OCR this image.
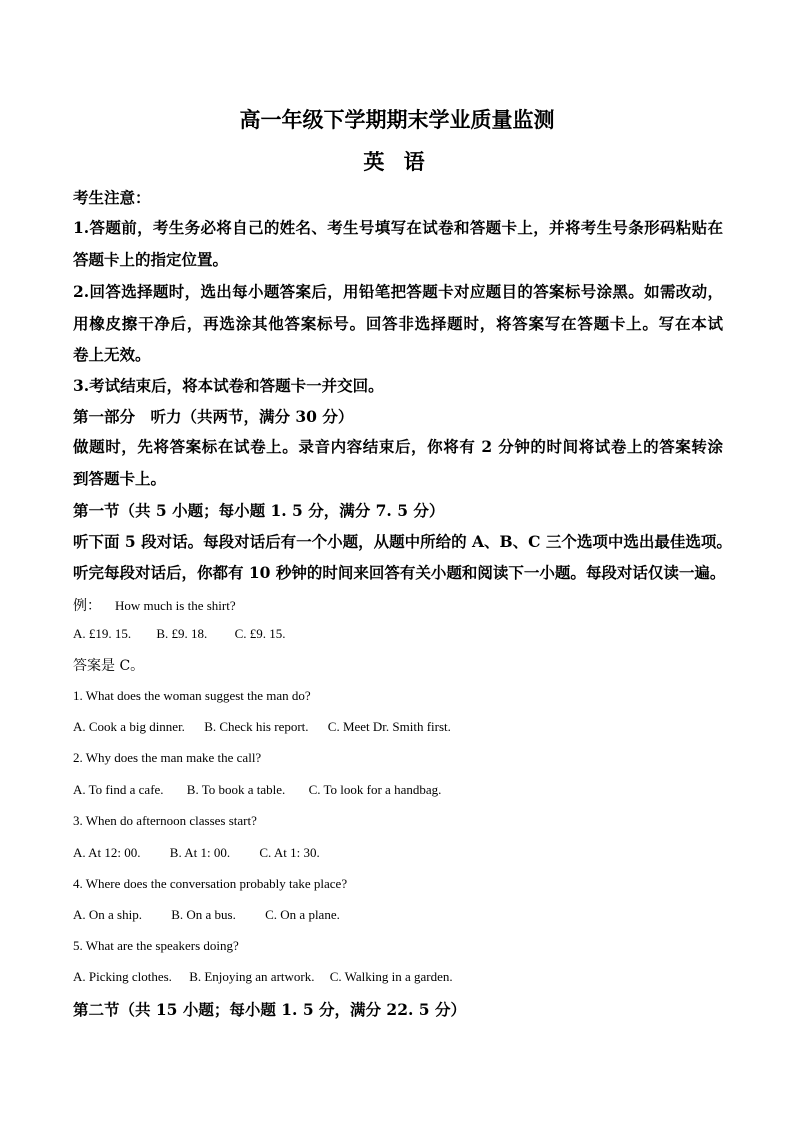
高一年级下学期期末学业质量监测
英 语
考生注意：
1.答题前，考生务必将自己的姓名、考生号填写在试卷和答题卡上，并将考生号条形码粘贴在
答题卡上的指定位置。
2.回答选择题时，选出每小题答案后，用铅笔把答题卡对应题目的答案标号涂黑。如需改动，
用橡皮擦干净后，再选涂其他答案标号。回答非选择题时，将答案写在答题卡上。写在本试
卷上无效。
3.考试结束后，将本试卷和答题卡一并交回。
第一部分　听力（共两节，满分 30 分）
做题时，先将答案标在试卷上。录音内容结束后，你将有 2 分钟的时间将试卷上的答案转涂
到答题卡上。
第一节（共 5 小题；每小题 1. 5 分，满分 7. 5 分）
听下面 5 段对话。每段对话后有一个小题，从题中所给的 A、B、C 三个选项中选出最佳选项。
听完每段对话后，你都有 10 秒钟的时间来回答有关小题和阅读下一小题。每段对话仅读一遍。
例： How much is the shirt?
A. £19. 15. B. £9. 18. C. £9. 15.
答案是 C。
1. What does the woman suggest the man do?
A. Cook a big dinner. B. Check his report. C. Meet Dr. Smith first.
2. Why does the man make the call?
A. To find a cafe. B. To book a table. C. To look for a handbag.
3. When do afternoon classes start?
A. At 12: 00. B. At 1: 00. C. At 1: 30.
4. Where does the conversation probably take place?
A. On a ship. B. On a bus. C. On a plane.
5. What are the speakers doing?
A. Picking clothes. B. Enjoying an artwork. C. Walking in a garden.
第二节（共 15 小题；每小题 1. 5 分，满分 22. 5 分）
